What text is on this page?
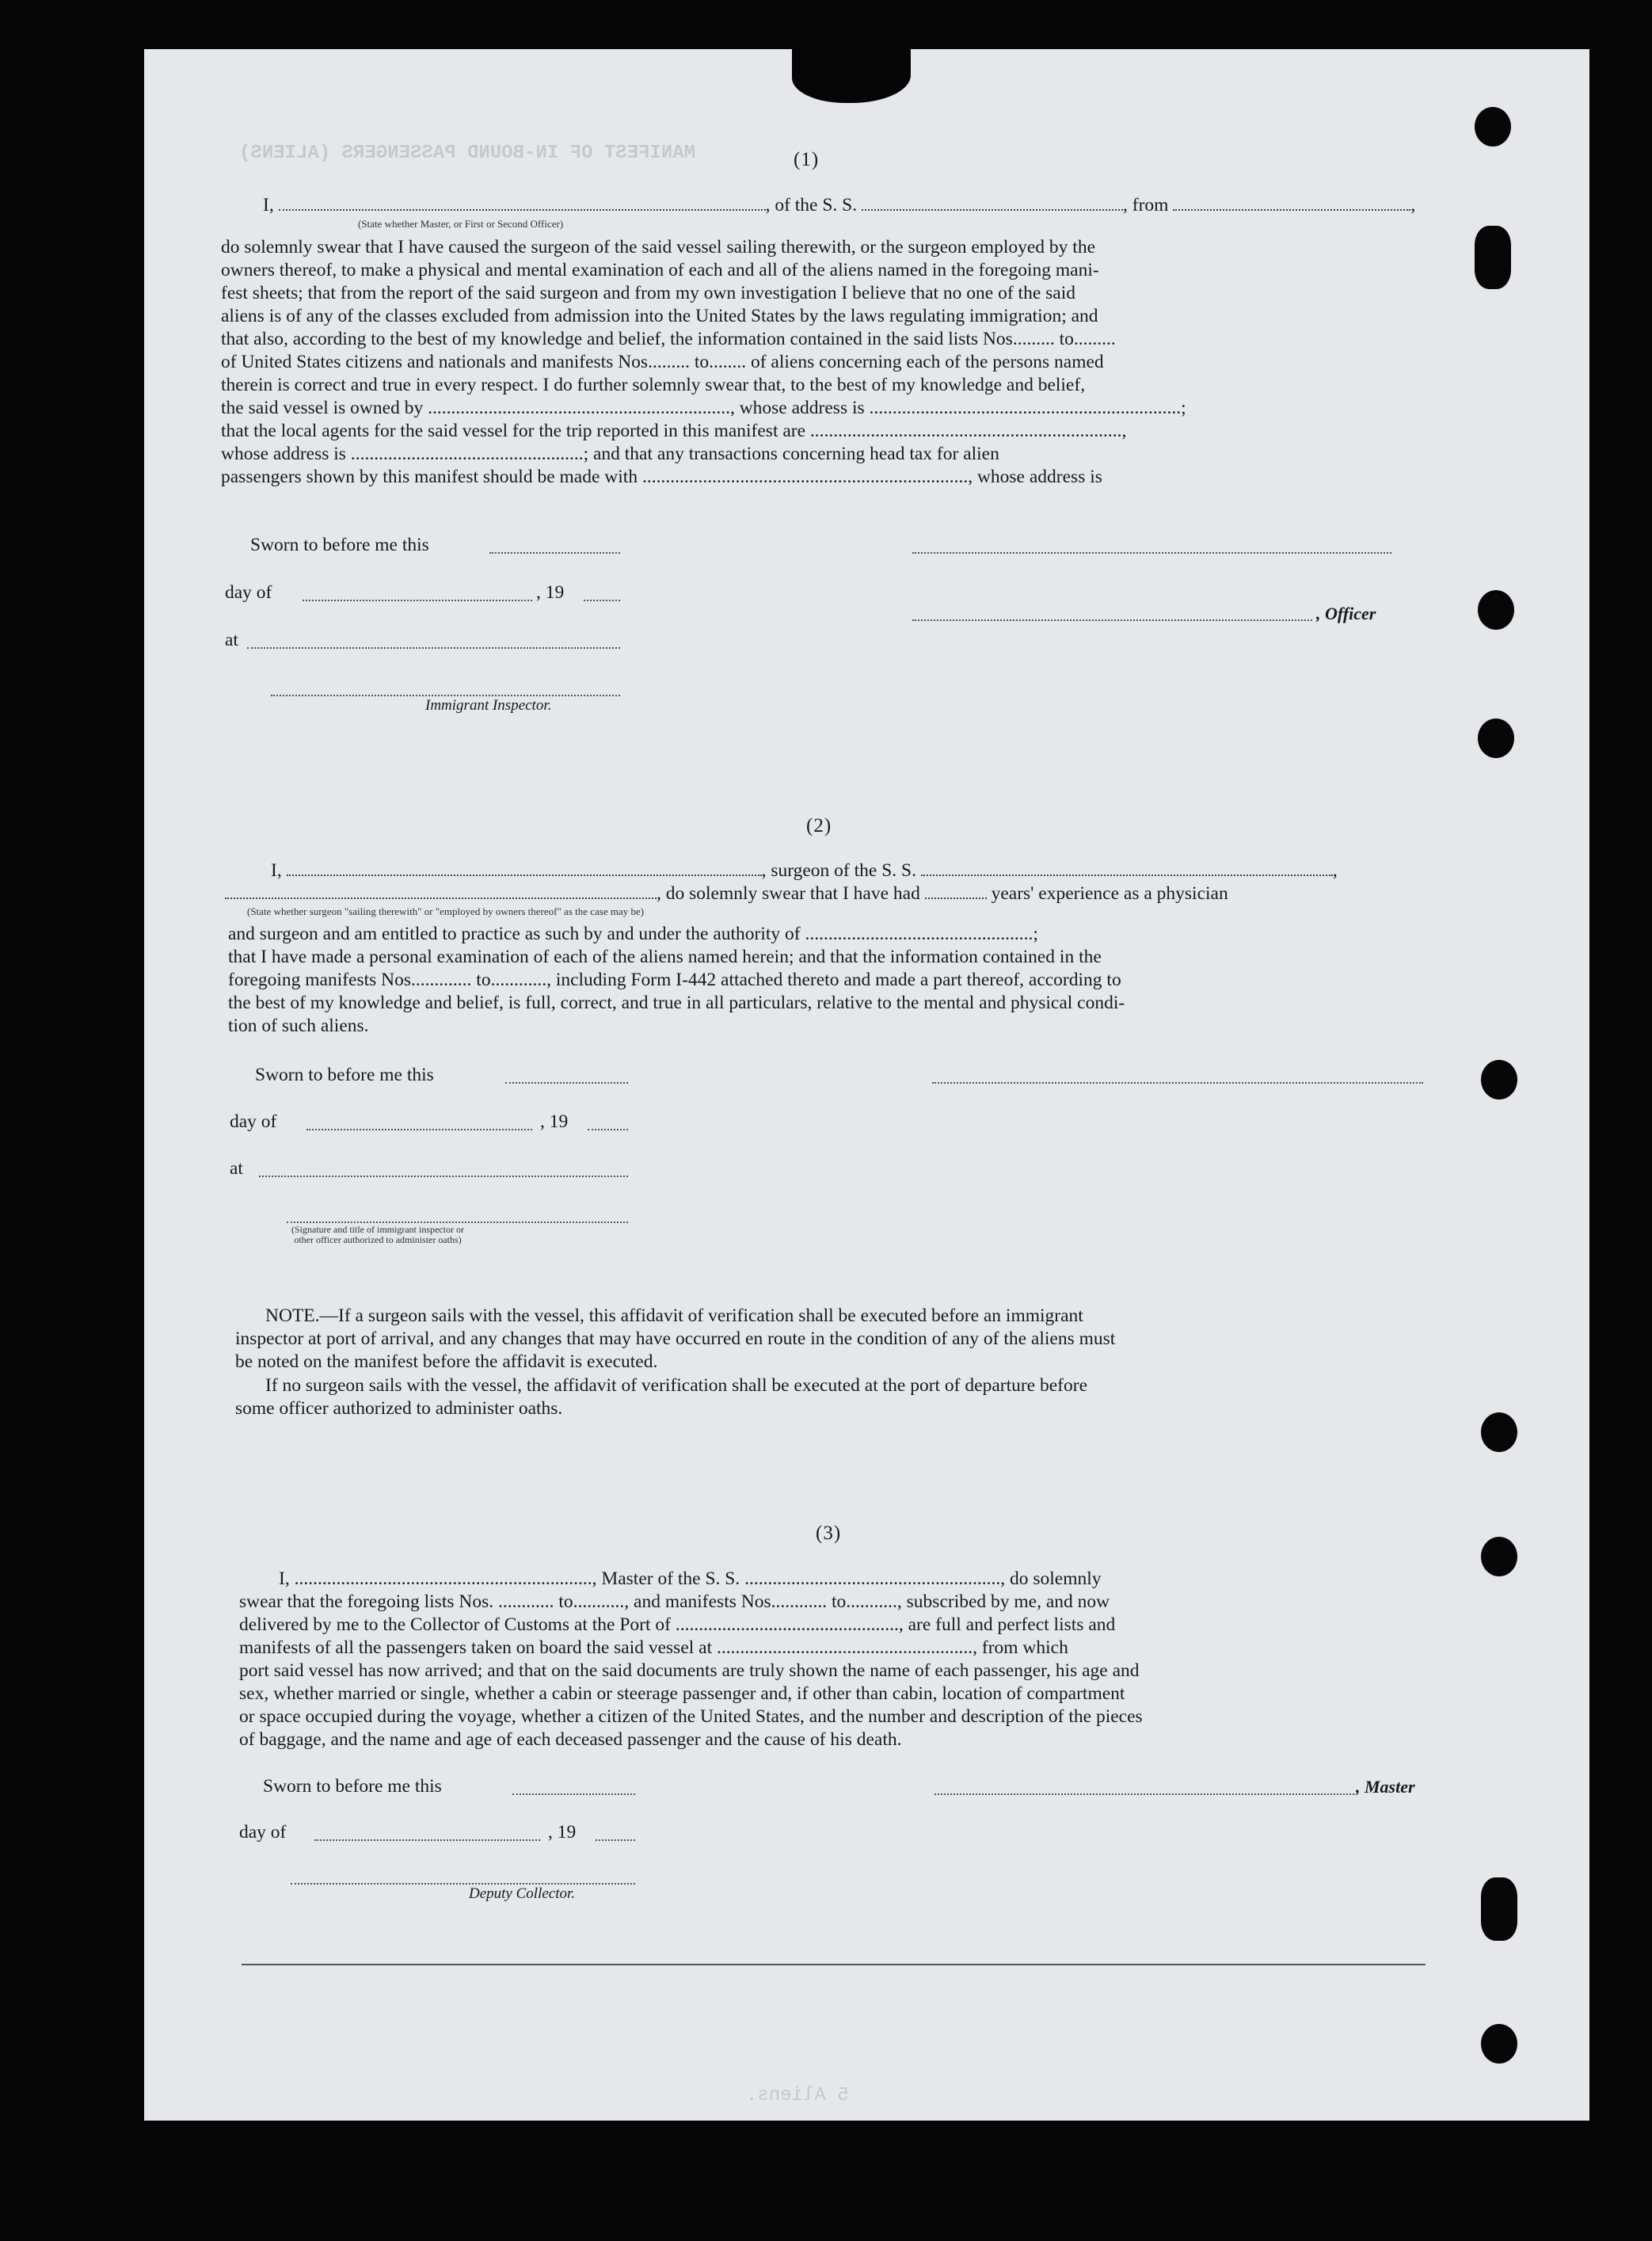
MANIFEST OF IN-BOUND PASSENGERS (ALIENS)
5 Aliens.
(1)
I,	, of the S. S.	, from	,
(State whether Master, or First or Second Officer)
do solemnly swear that I have caused the surgeon of the said vessel sailing therewith, or the surgeon employed by the
owners thereof, to make a physical and mental examination of each and all of the aliens named in the foregoing mani-
fest sheets; that from the report of the said surgeon and from my own investigation I believe that no one of the said
aliens is of any of the classes excluded from admission into the United States by the laws regulating immigration; and
that also, according to the best of my knowledge and belief, the information contained in the said lists Nos......... to.........
of United States citizens and nationals and manifests Nos......... to........ of aliens concerning each of the persons named
therein is correct and true in every respect. I do further solemnly swear that, to the best of my knowledge and belief,
the said vessel is owned by ................................................................., whose address is ...................................................................;
that the local agents for the said vessel for the trip reported in this manifest are ...................................................................,
whose address is ..................................................; and that any transactions concerning head tax for alien
passengers shown by this manifest should be made with ......................................................................, whose address is
Sworn to before me this
day of	, 19
, Officer
at
Immigrant Inspector.
(2)
I,	, surgeon of the S. S.	,
, do solemnly swear that I have had	years' experience as a physician
(State whether surgeon "sailing therewith" or "employed by owners thereof" as the case may be)
and surgeon and am entitled to practice as such by and under the authority of .................................................;
that I have made a personal examination of each of the aliens named herein; and that the information contained in the
foregoing manifests Nos............. to............, including Form I-442 attached thereto and made a part thereof, according to
the best of my knowledge and belief, is full, correct, and true in all particulars, relative to the mental and physical condi-
tion of such aliens.
Sworn to before me this
day of	, 19
at
(Signature and title of immigrant inspector or other officer authorized to administer oaths)
NOTE.—If a surgeon sails with the vessel, this affidavit of verification shall be executed before an immigrant
inspector at port of arrival, and any changes that may have occurred en route in the condition of any of the aliens must
be noted on the manifest before the affidavit is executed.
If no surgeon sails with the vessel, the affidavit of verification shall be executed at the port of departure before
some officer authorized to administer oaths.
(3)
I, ................................................................, Master of the S. S. ......................................................., do solemnly
swear that the foregoing lists Nos. ............ to..........., and manifests Nos............ to..........., subscribed by me, and now
delivered by me to the Collector of Customs at the Port of ................................................, are full and perfect lists and
manifests of all the passengers taken on board the said vessel at ......................................................., from which
port said vessel has now arrived; and that on the said documents are truly shown the name of each passenger, his age and
sex, whether married or single, whether a cabin or steerage passenger and, if other than cabin, location of compartment
or space occupied during the voyage, whether a citizen of the United States, and the number and description of the pieces
of baggage, and the name and age of each deceased passenger and the cause of his death.
Sworn to before me this	, Master
day of	, 19
Deputy Collector.
